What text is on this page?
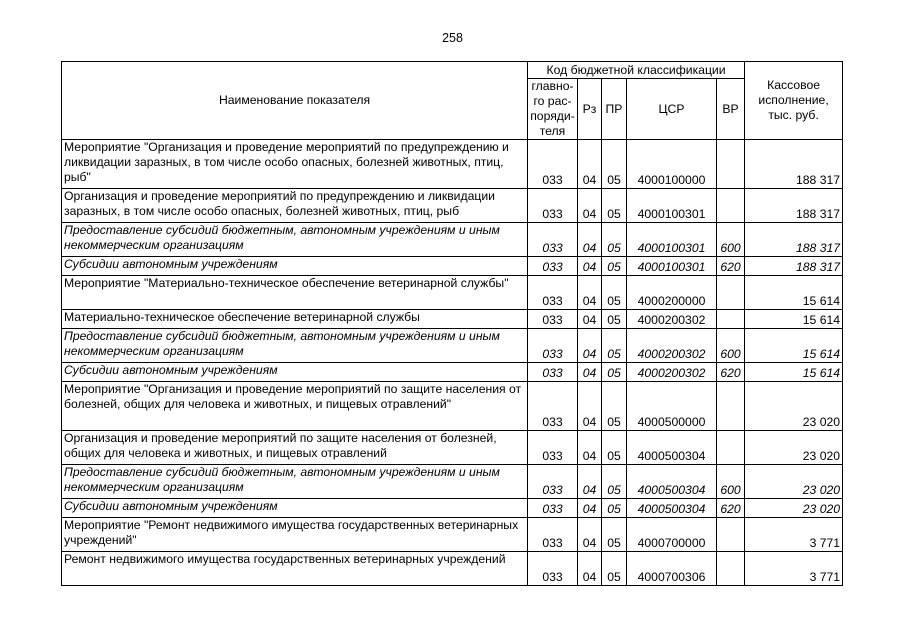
258
Наименование показателя	Код бюджетной классификации					Кассовое исполнение, тыс. руб.
	главно-го рас-поряди-теля	Рз	ПР	ЦСР	ВР	
Мероприятие "Организация и проведение мероприятий по предупреждению и ликвидации заразных, в том числе особо опасных, болезней животных, птиц, рыб"	033	04	05	4000100000		188 317
Организация и проведение мероприятий по предупреждению и ликвидации заразных, в том числе особо опасных, болезней животных, птиц, рыб	033	04	05	4000100301		188 317
Предоставление субсидий бюджетным, автономным учреждениям и иным некоммерческим организациям	033	04	05	4000100301	600	188 317
Субсидии автономным учреждениям	033	04	05	4000100301	620	188 317
Мероприятие "Материально-техническое обеспечение ветеринарной службы"	033	04	05	4000200000		15 614
Материально-техническое обеспечение ветеринарной службы	033	04	05	4000200302		15 614
Предоставление субсидий бюджетным, автономным учреждениям и иным некоммерческим организациям	033	04	05	4000200302	600	15 614
Субсидии автономным учреждениям	033	04	05	4000200302	620	15 614
Мероприятие "Организация и проведение мероприятий по защите населения от болезней, общих для человека и животных, и пищевых отравлений"	033	04	05	4000500000		23 020
Организация и проведение мероприятий по защите населения от болезней, общих для человека и животных, и пищевых отравлений	033	04	05	4000500304		23 020
Предоставление субсидий бюджетным, автономным учреждениям и иным некоммерческим организациям	033	04	05	4000500304	600	23 020
Субсидии автономным учреждениям	033	04	05	4000500304	620	23 020
Мероприятие "Ремонт недвижимого имущества государственных ветеринарных учреждений"	033	04	05	4000700000		3 771
Ремонт недвижимого имущества государственных ветеринарных учреждений	033	04	05	4000700306		3 771
